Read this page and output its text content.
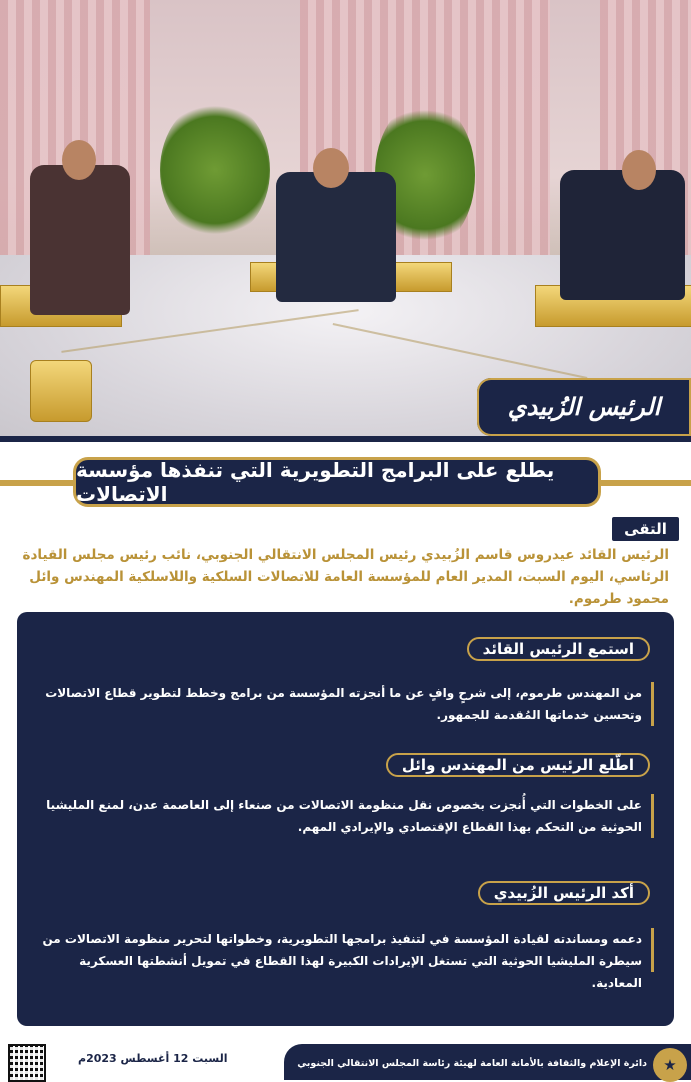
الرئيس الزُبيدي
يطلع على البرامج التطويرية التي تنفذها مؤسسة الاتصالات
التقى
الرئيس القائد عيدروس قاسم الزُبيدي رئيس المجلس الانتقالي الجنوبي، نائب رئيس مجلس القيادة الرئاسي، اليوم السبت، المدير العام للمؤسسة العامة للاتصالات السلكية واللاسلكية المهندس وائل محمود طرموم.
استمع الرئيس القائد
من المهندس طرموم، إلى شرحٍ وافٍ عن ما أنجزته المؤسسة من برامج وخطط لتطوير قطاع الاتصالات وتحسين خدماتها المُقدمة للجمهور.
اطّلع الرئيس من المهندس وائل
على الخطوات التي أُنجزت بخصوص نقل منظومة الاتصالات من صنعاء إلى العاصمة عدن، لمنع المليشيا الحوثية من التحكم بهذا القطاع الإقتصادي والإيرادي المهم.
أكد الرئيس الزُبيدي
دعمه ومساندته لقيادة المؤسسة في لتنفيذ برامجها التطويرية، وخطواتها لتحرير منظومة الاتصالات من سيطرة المليشيا الحوثية التي تستغل الإيرادات الكبيرة لهذا القطاع في تمويل أنشطتها العسكرية المعادية.
السبت 12 أغسطس 2023م	دائرة الإعلام والثقافة بالأمانة العامة لهيئة رئاسة المجلس الانتقالي الجنوبي	★
